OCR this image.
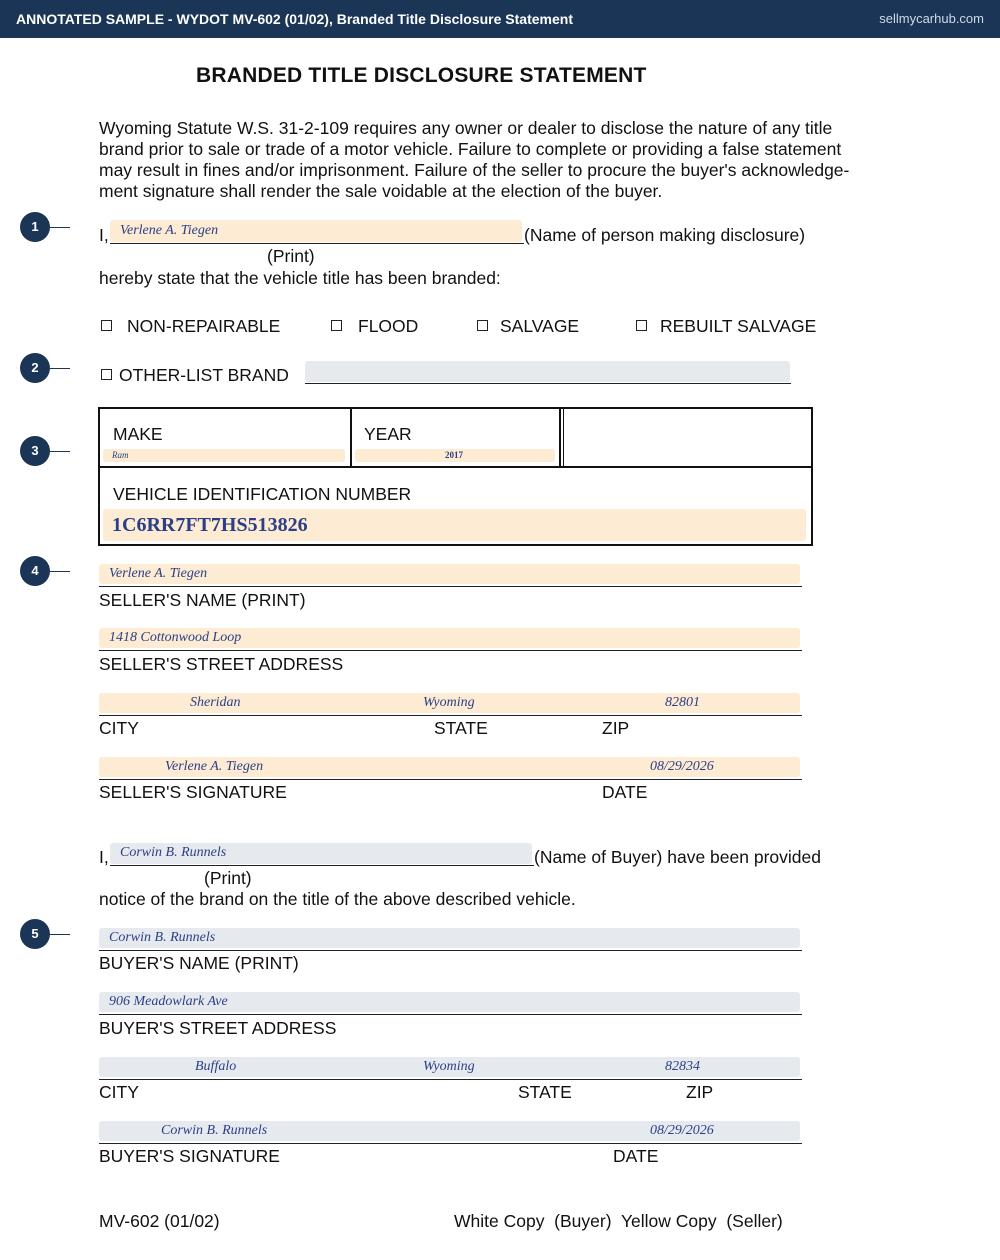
ANNOTATED SAMPLE - WYDOT MV-602 (01/02), Branded Title Disclosure Statement	sellmycarhub.com
BRANDED TITLE DISCLOSURE STATEMENT
Wyoming Statute W.S. 31-2-109 requires any owner or dealer to disclose the nature of any title
brand prior to sale or trade of a motor vehicle. Failure to complete or providing a false statement
may result in fines and/or imprisonment. Failure of the seller to procure the buyer's acknowledge-
ment signature shall render the sale voidable at the election of the buyer.
1
2
3
4
5
I, Verlene A. Tiegen	(Name of person making disclosure)
(Print)
hereby state that the vehicle title has been branded:
NON-REPAIRABLE	FLOOD	SALVAGE	REBUILT SALVAGE
OTHER-LIST BRAND
MAKE
Ram
YEAR
2017
VEHICLE IDENTIFICATION NUMBER
1C6RR7FT7HS513826
Verlene A. Tiegen
SELLER'S NAME (PRINT)
1418 Cottonwood Loop
SELLER'S STREET ADDRESS
Sheridan	Wyoming	82801
CITY	STATE	ZIP
Verlene A. Tiegen	08/29/2026
SELLER'S SIGNATURE	DATE
I, Corwin B. Runnels	(Name of Buyer) have been provided
(Print)
notice of the brand on the title of the above described vehicle.
Corwin B. Runnels
BUYER'S NAME (PRINT)
906 Meadowlark Ave
BUYER'S STREET ADDRESS
Buffalo	Wyoming	82834
CITY	STATE	ZIP
Corwin B. Runnels	08/29/2026
BUYER'S SIGNATURE	DATE
MV-602 (01/02)	White Copy  (Buyer)  Yellow Copy  (Seller)
